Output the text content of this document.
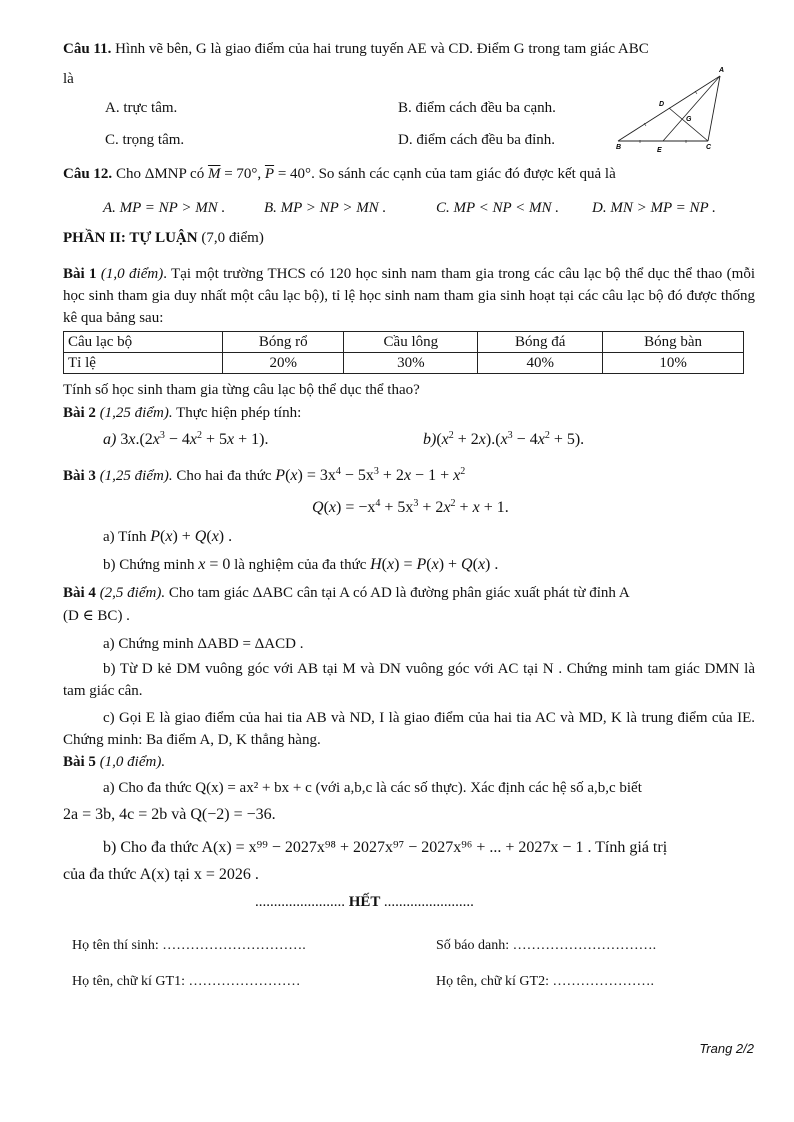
Câu 11. Hình vẽ bên, G là giao điểm của hai trung tuyến AE và CD. Điểm G trong tam giác ABC
là
A. trực tâm.	B. điểm cách đều ba cạnh.
C. trọng tâm.	D. điểm cách đều ba đỉnh.
A
D
G
B	E	C
Câu 12. Cho ΔMNP có $\overline{M} = 70^\circ$, $\overline{P} = 40^\circ$. So sánh các cạnh của tam giác đó được kết quả là
A. MP = NP > MN .	B. MP > NP > MN .	C. MP < NP < MN . D. MN > MP = NP .
PHẦN II: TỰ LUẬN (7,0 điểm)
Bài 1 (1,0 điểm). Tại một trường THCS có 120 học sinh nam tham gia trong các câu lạc bộ thể dục thể thao (mỗi học sinh tham gia duy nhất một câu lạc bộ), tỉ lệ học sinh nam tham gia sinh hoạt tại các câu lạc bộ đó được thống kê qua bảng sau:
Câu lạc bộ	Bóng rổ	Cầu lông	Bóng đá	Bóng bàn
Tỉ lệ	20%	30%	40%	10%
Tính số học sinh tham gia từng câu lạc bộ thể dục thể thao?
Bài 2 (1,25 điểm). Thực hiện phép tính:
a) $3x.(2x^3 - 4x^2 + 5x + 1)$.	$b)(x^2 + 2x).(x^3 - 4x^2 + 5)$.
Bài 3 (1,25 điểm). Cho hai đa thức $P(x) = 3x^4 - 5x^3 + 2x - 1 + x^2$
$Q(x) = -x^4 + 5x^3 + 2x^2 + x + 1$.
a) Tính P(x) + Q(x) .
b) Chứng minh x = 0 là nghiệm của đa thức H(x) = P(x) + Q(x) .
Bài 4 (2,5 điểm). Cho tam giác ΔABC cân tại A có AD là đường phân giác xuất phát từ đỉnh A
(D ∈ BC) .
a) Chứng minh ΔABD = ΔACD .
b) Từ D kẻ DM vuông góc với AB tại M và DN vuông góc với AC tại N . Chứng minh tam giác DMN là tam giác cân.
c) Gọi E là giao điểm của hai tia AB và ND, I là giao điểm của hai tia AC và MD, K là trung điểm của IE. Chứng minh: Ba điểm A, D, K thẳng hàng.
Bài 5 (1,0 điểm).
a) Cho đa thức Q(x) = ax² + bx + c (với a,b,c là các số thực). Xác định các hệ số a,b,c biết
2a = 3b, 4c = 2b và Q(−2) = −36.
b) Cho đa thức A(x) = x⁹⁹ − 2027x⁹⁸ + 2027x⁹⁷ − 2027x⁹⁶ + ... + 2027x − 1 . Tính giá trị
của đa thức A(x) tại x = 2026 .
........................ HẾT ........................
Họ tên thí sinh: ………………………….	Số báo danh: ………………………….
Họ tên, chữ kí GT1: ……………………	Họ tên, chữ kí GT2: ………………….
Trang 2/2
